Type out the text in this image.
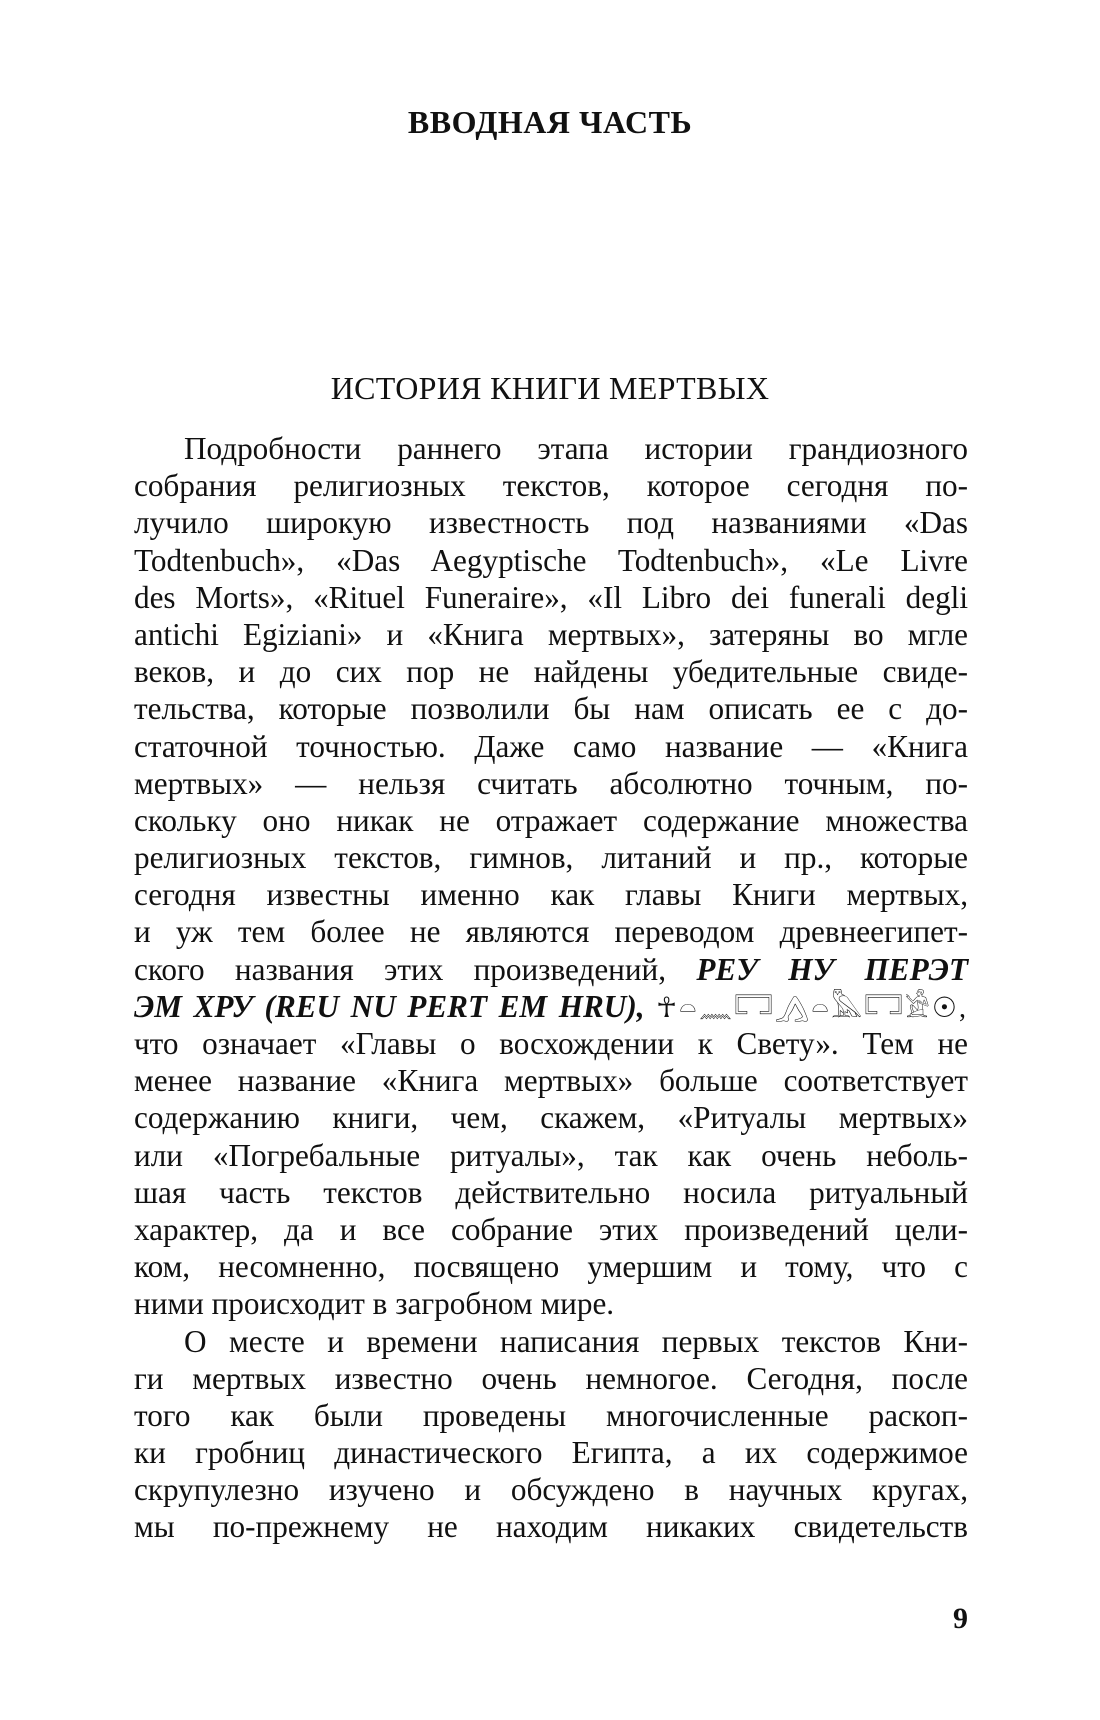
ВВОДНАЯ ЧАСТЬ
ИСТОРИЯ КНИГИ МЕРТВЫХ
Подробности раннего этапа истории грандиозного
собрания религиозных текстов, которое сегодня по-
лучило широкую известность под названиями «Das
Todtenbuch», «Das Aegyptische Todtenbuch», «Le Livre
des Morts», «Rituel Funeraire», «Il Libro dei funerali degli
antichi Egiziani» и «Книга мертвых», затеряны во мгле
веков, и до сих пор не найдены убедительные свиде-
тельства, которые позволили бы нам описать ее с до-
статочной точностью. Даже само название — «Книга
мертвых» — нельзя считать абсолютно точным, по-
скольку оно никак не отражает содержание множества
религиозных текстов, гимнов, литаний и пр., которые
сегодня известны именно как главы Книги мертвых,
и уж тем более не являются переводом древнеегипет-
ского названия этих произведений, РЕУ НУ ПЕРЭТ
ЭМ ХРУ (REU NU PERT EM HRU), ☥𓏏𓈖𓉐𓂻𓏏𓅓𓉐𓀀☉,
что означает «Главы о восхождении к Свету». Тем не
менее название «Книга мертвых» больше соответствует
содержанию книги, чем, скажем, «Ритуалы мертвых»
или «Погребальные ритуалы», так как очень неболь-
шая часть текстов действительно носила ритуальный
характер, да и все собрание этих произведений цели-
ком, несомненно, посвящено умершим и тому, что с
ними происходит в загробном мире.
О месте и времени написания первых текстов Кни-
ги мертвых известно очень немногое. Сегодня, после
того как были проведены многочисленные раскоп-
ки гробниц династического Египта, а их содержимое
скрупулезно изучено и обсуждено в научных кругах,
мы по-прежнему не находим никаких свидетельств
9
